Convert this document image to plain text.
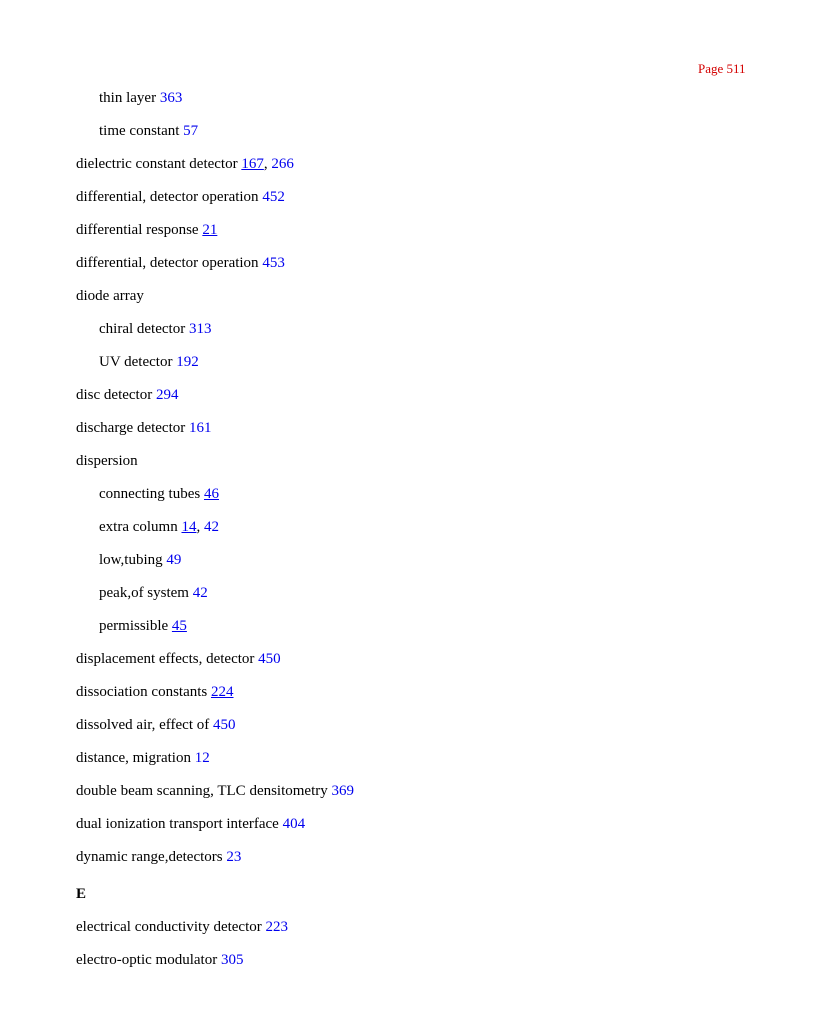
Page 511
thin layer 363
time constant 57
dielectric constant detector 167, 266
differential, detector operation 452
differential response 21
differential, detector operation 453
diode array
chiral detector 313
UV detector 192
disc detector 294
discharge detector 161
dispersion
connecting tubes 46
extra column 14, 42
low,tubing 49
peak,of system 42
permissible 45
displacement effects, detector 450
dissociation constants 224
dissolved air, effect of 450
distance, migration 12
double beam scanning, TLC densitometry 369
dual ionization transport interface 404
dynamic range,detectors 23
E
electrical conductivity detector 223
electro-optic modulator 305
